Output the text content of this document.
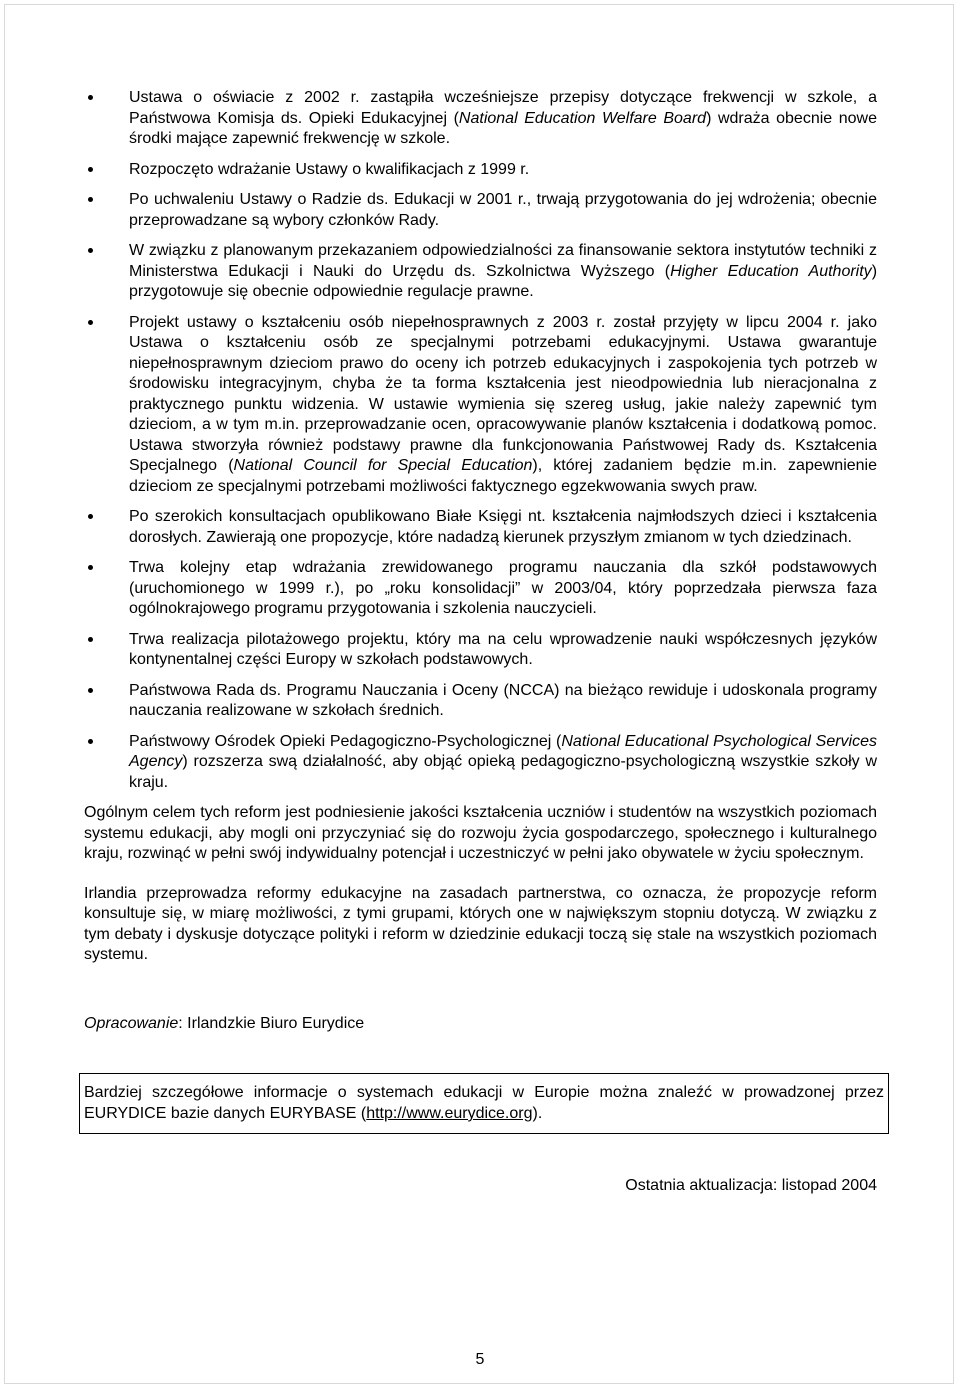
Ustawa o oświacie z 2002 r. zastąpiła wcześniejsze przepisy dotyczące frekwencji w szkole, a Państwowa Komisja ds. Opieki Edukacyjnej (National Education Welfare Board) wdraża obecnie nowe środki mające zapewnić frekwencję w szkole.
Rozpoczęto wdrażanie Ustawy o kwalifikacjach z 1999 r.
Po uchwaleniu Ustawy o Radzie ds. Edukacji w 2001 r., trwają przygotowania do jej wdrożenia; obecnie przeprowadzane są wybory członków Rady.
W związku z planowanym przekazaniem odpowiedzialności za finansowanie sektora instytutów techniki z Ministerstwa Edukacji i Nauki do Urzędu ds. Szkolnictwa Wyższego (Higher Education Authority) przygotowuje się obecnie odpowiednie regulacje prawne.
Projekt ustawy o kształceniu osób niepełnosprawnych z 2003 r. został przyjęty w lipcu 2004 r. jako Ustawa o kształceniu osób ze specjalnymi potrzebami edukacyjnymi. Ustawa gwarantuje niepełnosprawnym dzieciom prawo do oceny ich potrzeb edukacyjnych i zaspokojenia tych potrzeb w środowisku integracyjnym, chyba że ta forma kształcenia jest nieodpowiednia lub nieracjonalna z praktycznego punktu widzenia. W ustawie wymienia się szereg usług, jakie należy zapewnić tym dzieciom, a w tym m.in. przeprowadzanie ocen, opracowywanie planów kształcenia i dodatkową pomoc. Ustawa stworzyła również podstawy prawne dla funkcjonowania Państwowej Rady ds. Kształcenia Specjalnego (National Council for Special Education), której zadaniem będzie m.in. zapewnienie dzieciom ze specjalnymi potrzebami możliwości faktycznego egzekwowania swych praw.
Po szerokich konsultacjach opublikowano Białe Księgi nt. kształcenia najmłodszych dzieci i kształcenia dorosłych. Zawierają one propozycje, które nadadzą kierunek przyszłym zmianom w tych dziedzinach.
Trwa kolejny etap wdrażania zrewidowanego programu nauczania dla szkół podstawowych (uruchomionego w 1999 r.), po „roku konsolidacji” w 2003/04, który poprzedzała pierwsza faza ogólnokrajowego programu przygotowania i szkolenia nauczycieli.
Trwa realizacja pilotażowego projektu, który ma na celu wprowadzenie nauki współczesnych języków kontynentalnej części Europy w szkołach podstawowych.
Państwowa Rada ds. Programu Nauczania i Oceny (NCCA) na bieżąco rewiduje i udoskonala programy nauczania realizowane w szkołach średnich.
Państwowy Ośrodek Opieki Pedagogiczno-Psychologicznej (National Educational Psychological Services Agency) rozszerza swą działalność, aby objąć opieką pedagogiczno-psychologiczną wszystkie szkoły w kraju.

Ogólnym celem tych reform jest podniesienie jakości kształcenia uczniów i studentów na wszystkich poziomach systemu edukacji, aby mogli oni przyczyniać się do rozwoju życia gospodarczego, społecznego i kulturalnego kraju, rozwinąć w pełni swój indywidualny potencjał i uczestniczyć w pełni jako obywatele w życiu społecznym.

Irlandia przeprowadza reformy edukacyjne na zasadach partnerstwa, co oznacza, że propozycje reform konsultuje się, w miarę możliwości, z tymi grupami, których one w największym stopniu dotyczą. W związku z tym debaty i dyskusje dotyczące polityki i reform w dziedzinie edukacji toczą się stale na wszystkich poziomach systemu.

Opracowanie: Irlandzkie Biuro Eurydice
Bardziej szczegółowe informacje o systemach edukacji w Europie można znaleźć w prowadzonej przez EURYDICE bazie danych EURYBASE (http://www.eurydice.org).
Ostatnia aktualizacja: listopad 2004
5
